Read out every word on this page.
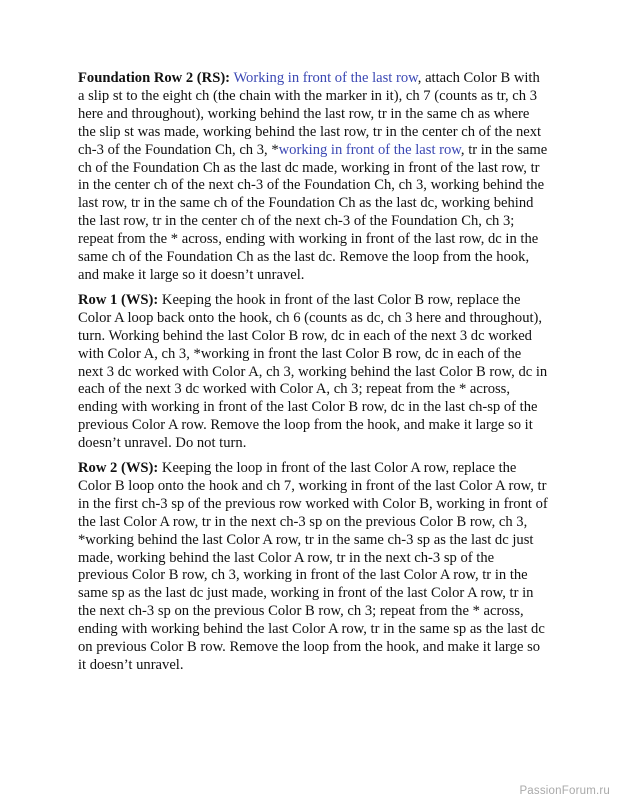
Foundation Row 2 (RS): Working in front of the last row, attach Color B with a slip st to the eight ch (the chain with the marker in it), ch 7 (counts as tr, ch 3 here and throughout), working behind the last row, tr in the same ch as where the slip st was made, working behind the last row, tr in the center ch of the next ch-3 of the Foundation Ch, ch 3, *working in front of the last row, tr in the same ch of the Foundation Ch as the last dc made, working in front of the last row, tr in the center ch of the next ch-3 of the Foundation Ch, ch 3, working behind the last row, tr in the same ch of the Foundation Ch as the last dc, working behind the last row, tr in the center ch of the next ch-3 of the Foundation Ch, ch 3; repeat from the * across, ending with working in front of the last row, dc in the same ch of the Foundation Ch as the last dc. Remove the loop from the hook, and make it large so it doesn’t unravel.

Row 1 (WS): Keeping the hook in front of the last Color B row, replace the Color A loop back onto the hook, ch 6 (counts as dc, ch 3 here and throughout), turn. Working behind the last Color B row, dc in each of the next 3 dc worked with Color A, ch 3, *working in front the last Color B row, dc in each of the next 3 dc worked with Color A, ch 3, working behind the last Color B row, dc in each of the next 3 dc worked with Color A, ch 3; repeat from the * across, ending with working in front of the last Color B row, dc in the last ch-sp of the previous Color A row. Remove the loop from the hook, and make it large so it doesn’t unravel. Do not turn.

Row 2 (WS): Keeping the loop in front of the last Color A row, replace the Color B loop onto the hook and ch 7, working in front of the last Color A row, tr in the first ch-3 sp of the previous row worked with Color B, working in front of the last Color A row, tr in the next ch-3 sp on the previous Color B row, ch 3, *working behind the last Color A row, tr in the same ch-3 sp as the last dc just made, working behind the last Color A row, tr in the next ch-3 sp of the previous Color B row, ch 3, working in front of the last Color A row, tr in the same sp as the last dc just made, working in front of the last Color A row, tr in the next ch-3 sp on the previous Color B row, ch 3; repeat from the * across, ending with working behind the last Color A row, tr in the same sp as the last dc on previous Color B row. Remove the loop from the hook, and make it large so it doesn’t unravel.

PassionForum.ru
